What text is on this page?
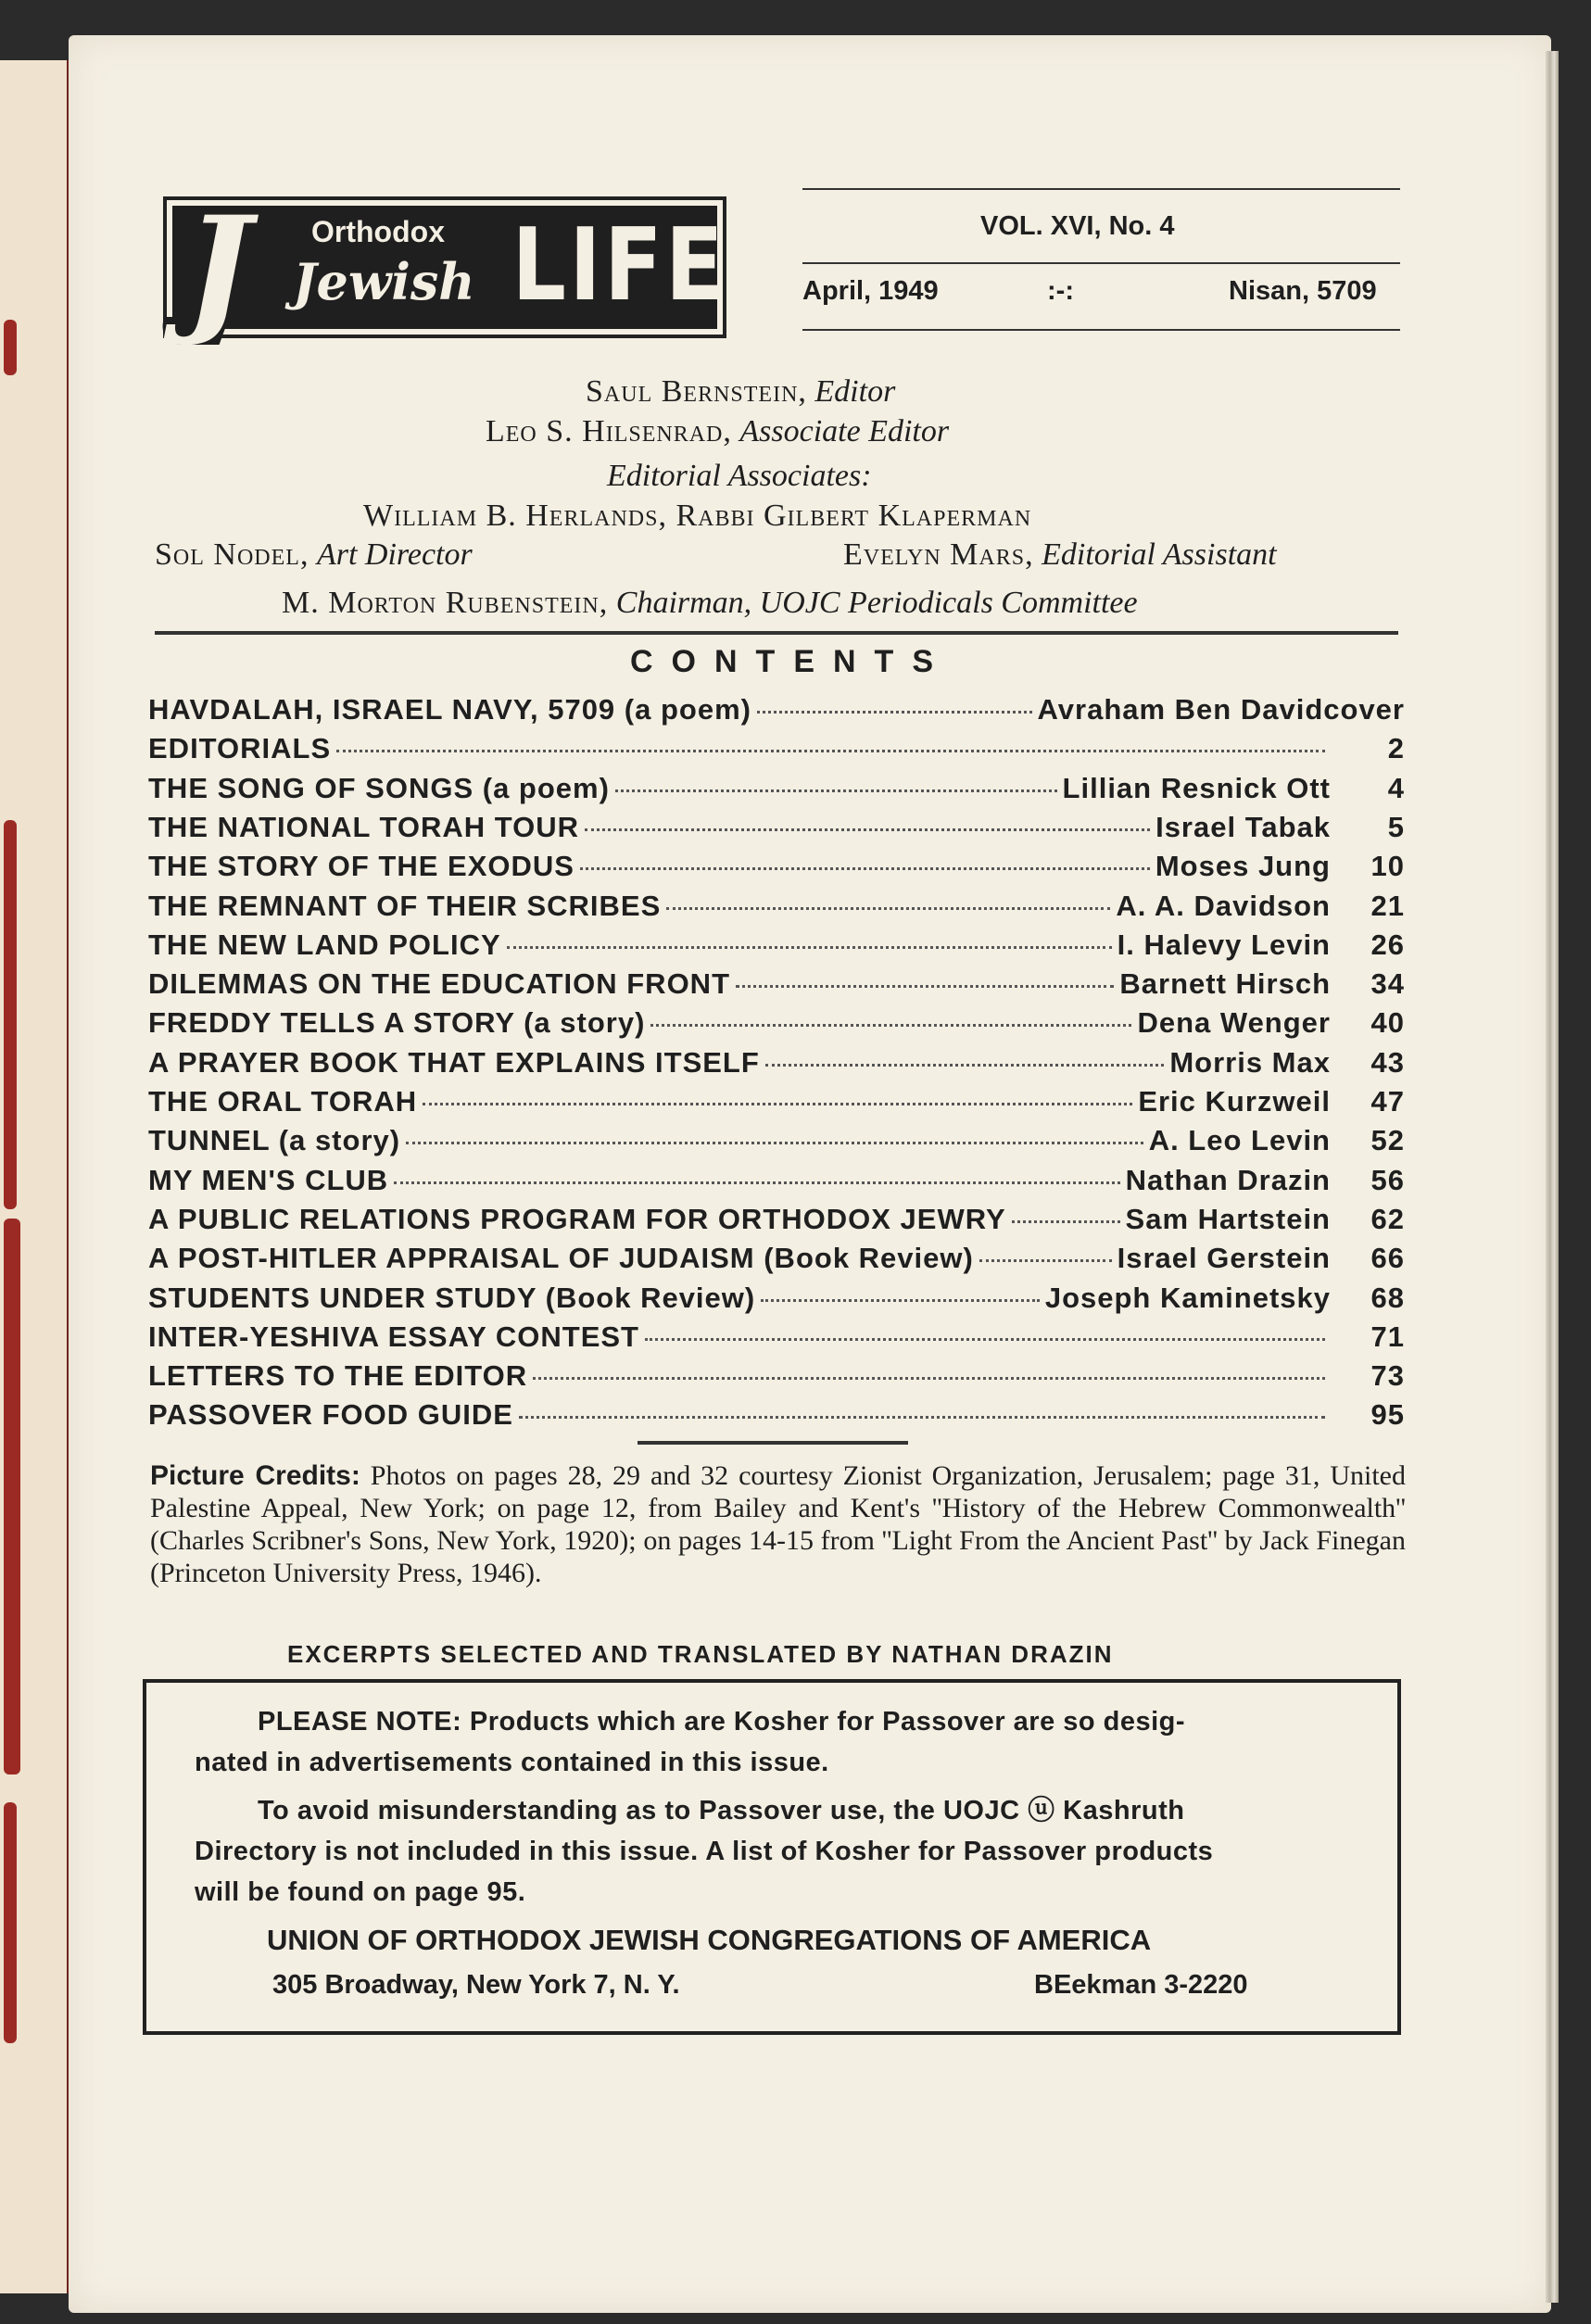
J Orthodox
Jewish LIFE	VOL. XVI, No. 4
April, 1949	:-:	Nisan, 5709
Saul Bernstein, Editor
Leo S. Hilsenrad, Associate Editor
Editorial Associates:
William B. Herlands, Rabbi Gilbert Klaperman
Sol Nodel, Art Director	Evelyn Mars, Editorial Assistant
M. Morton Rubenstein, Chairman, UOJC Periodicals Committee
CONTENTS
HAVDALAH, ISRAEL NAVY, 5709 (a poem)	Avraham Ben David cover
EDITORIALS	2
THE SONG OF SONGS (a poem)	Lillian Resnick Ott	4
THE NATIONAL TORAH TOUR	Israel Tabak	5
THE STORY OF THE EXODUS	Moses Jung	10
THE REMNANT OF THEIR SCRIBES	A. A. Davidson	21
THE NEW LAND POLICY	I. Halevy Levin	26
DILEMMAS ON THE EDUCATION FRONT	Barnett Hirsch	34
FREDDY TELLS A STORY (a story)	Dena Wenger	40
A PRAYER BOOK THAT EXPLAINS ITSELF	Morris Max	43
THE ORAL TORAH	Eric Kurzweil	47
TUNNEL (a story)	A. Leo Levin	52
MY MEN'S CLUB	Nathan Drazin	56
A PUBLIC RELATIONS PROGRAM FOR ORTHODOX JEWRY	Sam Hartstein	62
A POST-HITLER APPRAISAL OF JUDAISM (Book Review)	Israel Gerstein	66
STUDENTS UNDER STUDY (Book Review)	Joseph Kaminetsky	68
INTER-YESHIVA ESSAY CONTEST	71
LETTERS TO THE EDITOR	73
PASSOVER FOOD GUIDE	95
Picture Credits: Photos on pages 28, 29 and 32 courtesy Zionist Organization, Jerusalem; page 31, United Palestine Appeal, New York; on page 12, from Bailey and Kent's ''History of the Hebrew Commonwealth'' (Charles Scribner's Sons, New York, 1920); on pages 14-15 from ''Light From the Ancient Past'' by Jack Finegan (Princeton University Press, 1946).
EXCERPTS SELECTED AND TRANSLATED BY NATHAN DRAZIN
PLEASE NOTE: Products which are Kosher for Passover are so desig-
nated in advertisements contained in this issue.
To avoid misunderstanding as to Passover use, the UOJC ⓤ Kashruth
Directory is not included in this issue. A list of Kosher for Passover products
will be found on page 95.
UNION OF ORTHODOX JEWISH CONGREGATIONS OF AMERICA
305 Broadway, New York 7, N. Y.	BEekman 3-2220
